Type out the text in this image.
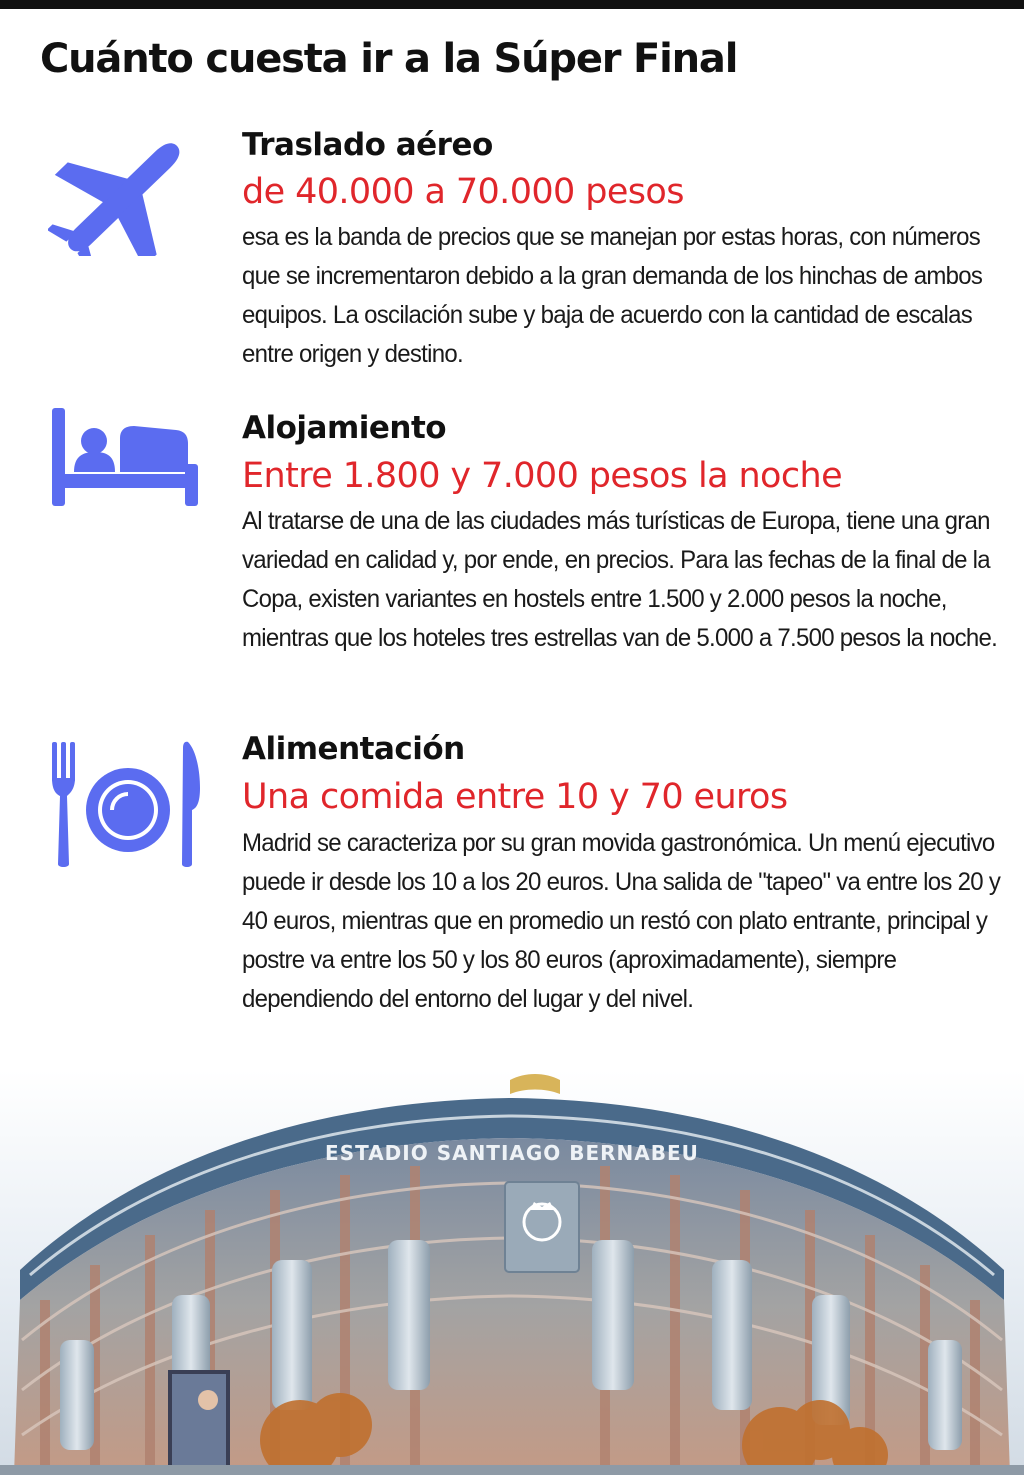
Cuánto cuesta ir a la Súper Final
Traslado aéreo

de 40.000 a 70.000 pesos

esa es la banda de precios que se manejan por estas horas, con números que se incrementaron debido a la gran demanda de los hinchas de ambos equipos. La oscilación sube y baja de acuerdo con la cantidad de escalas entre origen y destino.

Alojamiento

Entre 1.800 y 7.000 pesos la noche

Al tratarse de una de las ciudades más turísticas de Europa, tiene una gran variedad en calidad y, por ende, en precios. Para las fechas de la final de la Copa, existen variantes en hostels entre 1.500 y 2.000 pesos la noche, mientras que los hoteles tres estrellas van de 5.000 a 7.500 pesos la noche.

Alimentación

Una comida entre 10 y 70 euros

Madrid se caracteriza por su gran movida gastronómica. Un menú ejecutivo puede ir desde los 10 a los 20 euros. Una salida de "tapeo" va entre los 20 y 40 euros, mientras que en promedio un restó con plato entrante, principal y postre va entre los 50 y los 80 euros (aproximadamente), siempre dependiendo del entorno del lugar y del nivel.

ESTADIO SANTIAGO BERNABEU
